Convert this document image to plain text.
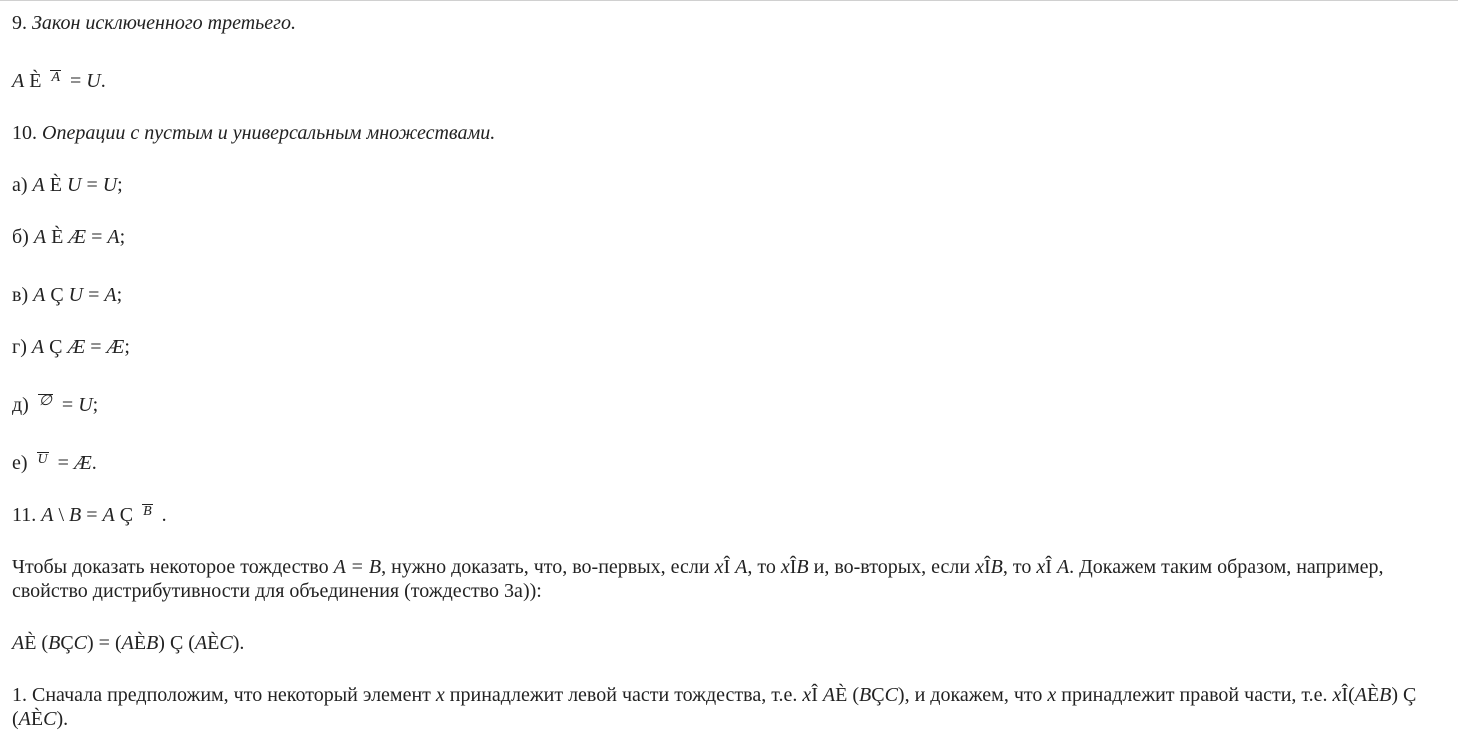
9. Закон исключенного третьего.

A È A = U.

10. Операции с пустым и универсальным множествами.

а) A È U = U;

б) A È Æ = A;

в) A Ç U = A;

г) A Ç Æ = Æ;

д) ∅ = U;

е) U = Æ.

11. A \ B = A Ç B .

Чтобы доказать некоторое тождество A = B, нужно доказать, что, во-первых, если xÎ A, то xÎB и, во-вторых, если xÎB, то xÎ A. Докажем таким образом, например, свойство дистрибутивности для объединения (тождество 3а)):

AÈ (BÇC) = (AÈB) Ç (AÈC).

1. Сначала предположим, что некоторый элемент x принадлежит левой части тождества, т.е. xÎ AÈ (BÇC), и докажем, что x принадлежит правой части, т.е. xÎ(AÈB) Ç (AÈC).
